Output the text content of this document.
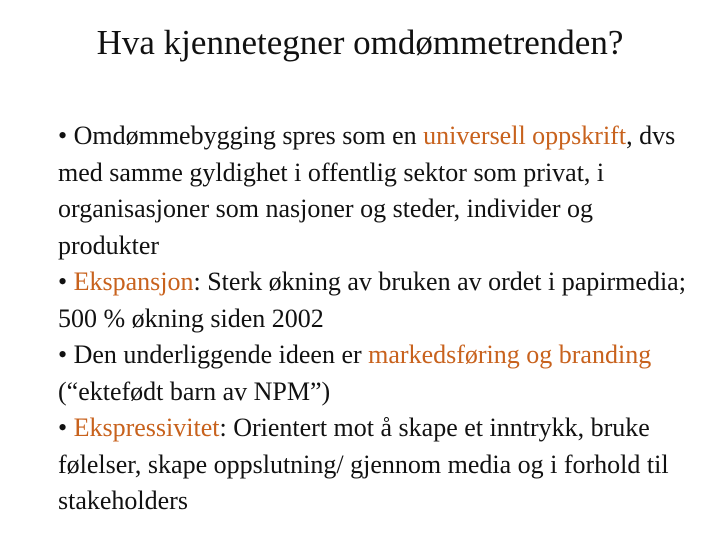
Hva kjennetegner omdømmetrenden?

• Omdømmebygging spres som en universell oppskrift, dvs med samme gyldighet i offentlig sektor som privat, i organisasjoner som nasjoner og steder, individer og produkter

• Ekspansjon: Sterk økning av bruken av ordet i papirmedia; 500 % økning siden 2002

• Den underliggende ideen er markedsføring og branding (“ektefødt barn av NPM”)

• Ekspressivitet: Orientert mot å skape et inntrykk, bruke følelser, skape oppslutning/ gjennom media og i forhold til stakeholders
